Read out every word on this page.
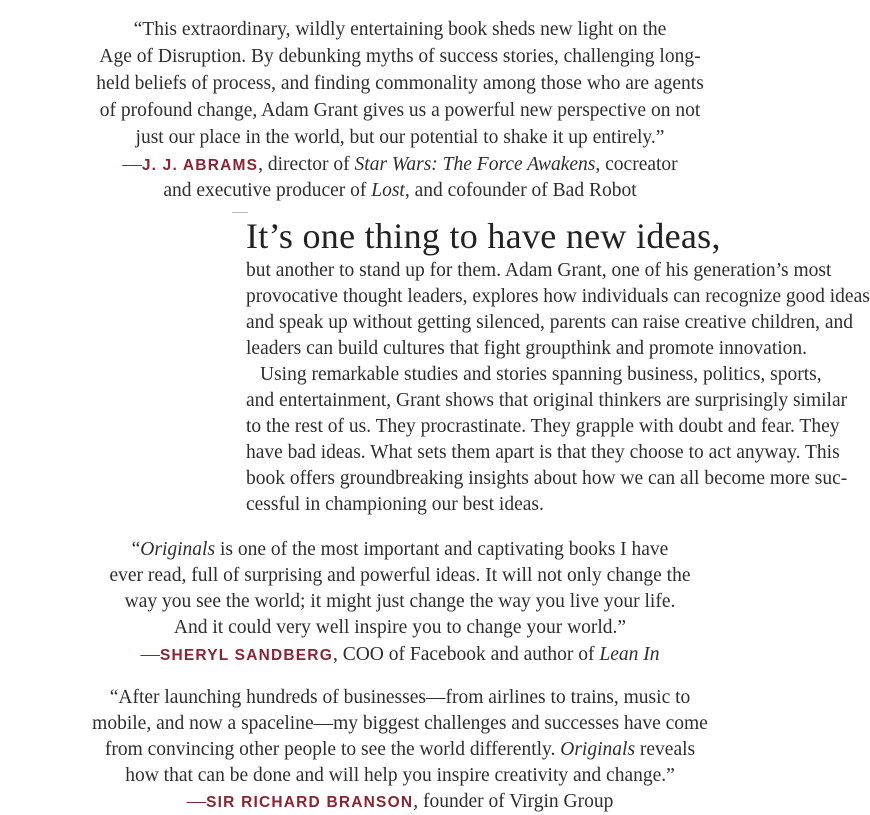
“This extraordinary, wildly entertaining book sheds new light on the
Age of Disruption. By debunking myths of success stories, challenging long-
held beliefs of process, and finding commonality among those who are agents
of profound change, Adam Grant gives us a powerful new perspective on not
just our place in the world, but our potential to shake it up entirely.”
—J. J. ABRAMS, director of Star Wars: The Force Awakens, cocreator
and executive producer of Lost, and cofounder of Bad Robot
It’s one thing to have new ideas,
but another to stand up for them. Adam Grant, one of his generation’s most
provocative thought leaders, explores how individuals can recognize good ideas
and speak up without getting silenced, parents can raise creative children, and
leaders can build cultures that fight groupthink and promote innovation.
Using remarkable studies and stories spanning business, politics, sports,
and entertainment, Grant shows that original thinkers are surprisingly similar
to the rest of us. They procrastinate. They grapple with doubt and fear. They
have bad ideas. What sets them apart is that they choose to act anyway. This
book offers groundbreaking insights about how we can all become more suc-
cessful in championing our best ideas.
“Originals is one of the most important and captivating books I have
ever read, full of surprising and powerful ideas. It will not only change the
way you see the world; it might just change the way you live your life.
And it could very well inspire you to change your world.”
—SHERYL SANDBERG, COO of Facebook and author of Lean In
“After launching hundreds of businesses—from airlines to trains, music to
mobile, and now a spaceline—my biggest challenges and successes have come
from convincing other people to see the world differently. Originals reveals
how that can be done and will help you inspire creativity and change.”
—SIR RICHARD BRANSON, founder of Virgin Group
